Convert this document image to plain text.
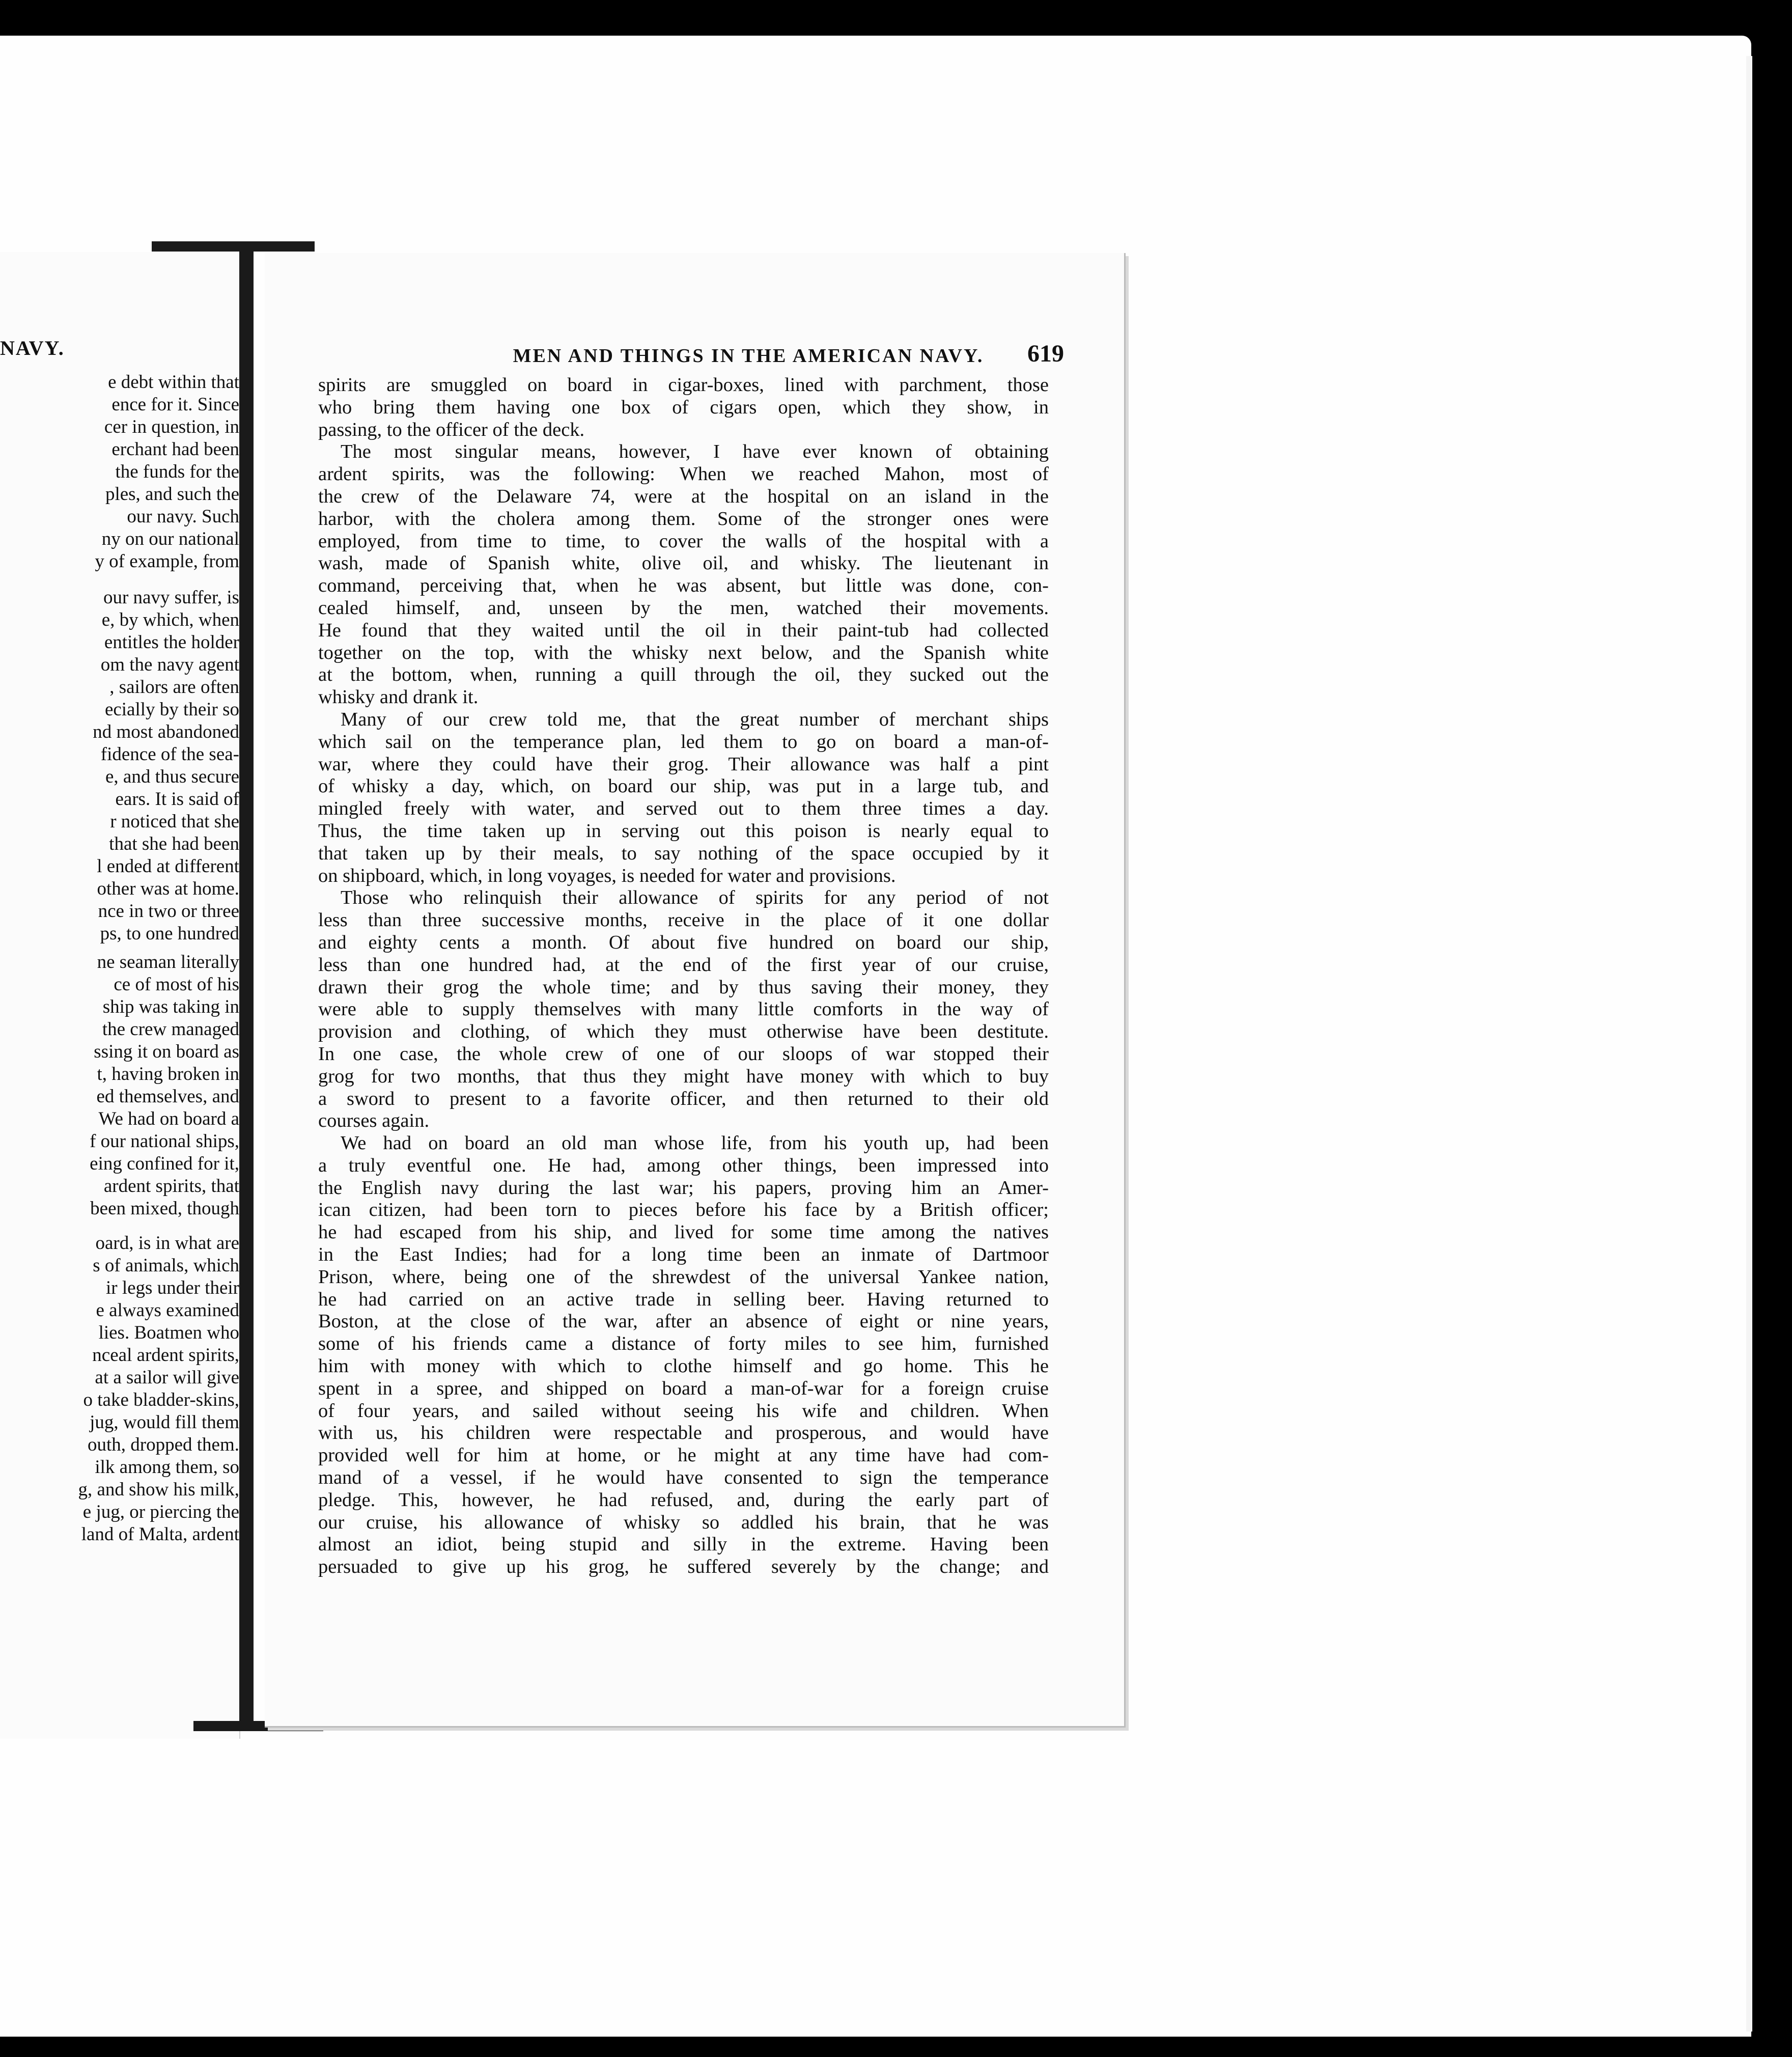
NAVY.
e debt within that
ence for it. Since
cer in question, in
erchant had been
the funds for the
ples, and such the
our navy. Such
ny on our national
y of example, from
our navy suffer, is
e, by which, when
entitles the holder
om the navy agent
, sailors are often
ecially by their so
nd most abandoned
fidence of the sea-
e, and thus secure
ears. It is said of
r noticed that she
that she had been
l ended at different
other was at home.
nce in two or three
ps, to one hundred
ne seaman literally
ce of most of his
ship was taking in
the crew managed
ssing it on board as
t, having broken in
ed themselves, and
We had on board a
f our national ships,
eing confined for it,
ardent spirits, that
been mixed, though
oard, is in what are
s of animals, which
ir legs under their
e always examined
lies. Boatmen who
nceal ardent spirits,
at a sailor will give
o take bladder-skins,
jug, would fill them
outh, dropped them.
ilk among them, so
g, and show his milk,
e jug, or piercing the
land of Malta, ardent
MEN AND THINGS IN THE AMERICAN NAVY.	619
spirits are smuggled on board in cigar-boxes, lined with parchment, those
who bring them having one box of cigars open, which they show, in
passing, to the officer of the deck.
The most singular means, however, I have ever known of obtaining
ardent spirits, was the following: When we reached Mahon, most of
the crew of the Delaware 74, were at the hospital on an island in the
harbor, with the cholera among them. Some of the stronger ones were
employed, from time to time, to cover the walls of the hospital with a
wash, made of Spanish white, olive oil, and whisky. The lieutenant in
command, perceiving that, when he was absent, but little was done, con-
cealed himself, and, unseen by the men, watched their movements.
He found that they waited until the oil in their paint-tub had collected
together on the top, with the whisky next below, and the Spanish white
at the bottom, when, running a quill through the oil, they sucked out the
whisky and drank it.
Many of our crew told me, that the great number of merchant ships
which sail on the temperance plan, led them to go on board a man-of-
war, where they could have their grog. Their allowance was half a pint
of whisky a day, which, on board our ship, was put in a large tub, and
mingled freely with water, and served out to them three times a day.
Thus, the time taken up in serving out this poison is nearly equal to
that taken up by their meals, to say nothing of the space occupied by it
on shipboard, which, in long voyages, is needed for water and provisions.
Those who relinquish their allowance of spirits for any period of not
less than three successive months, receive in the place of it one dollar
and eighty cents a month. Of about five hundred on board our ship,
less than one hundred had, at the end of the first year of our cruise,
drawn their grog the whole time; and by thus saving their money, they
were able to supply themselves with many little comforts in the way of
provision and clothing, of which they must otherwise have been destitute.
In one case, the whole crew of one of our sloops of war stopped their
grog for two months, that thus they might have money with which to buy
a sword to present to a favorite officer, and then returned to their old
courses again.
We had on board an old man whose life, from his youth up, had been
a truly eventful one. He had, among other things, been impressed into
the English navy during the last war; his papers, proving him an Amer-
ican citizen, had been torn to pieces before his face by a British officer;
he had escaped from his ship, and lived for some time among the natives
in the East Indies; had for a long time been an inmate of Dartmoor
Prison, where, being one of the shrewdest of the universal Yankee nation,
he had carried on an active trade in selling beer. Having returned to
Boston, at the close of the war, after an absence of eight or nine years,
some of his friends came a distance of forty miles to see him, furnished
him with money with which to clothe himself and go home. This he
spent in a spree, and shipped on board a man-of-war for a foreign cruise
of four years, and sailed without seeing his wife and children. When
with us, his children were respectable and prosperous, and would have
provided well for him at home, or he might at any time have had com-
mand of a vessel, if he would have consented to sign the temperance
pledge. This, however, he had refused, and, during the early part of
our cruise, his allowance of whisky so addled his brain, that he was
almost an idiot, being stupid and silly in the extreme. Having been
persuaded to give up his grog, he suffered severely by the change; and
